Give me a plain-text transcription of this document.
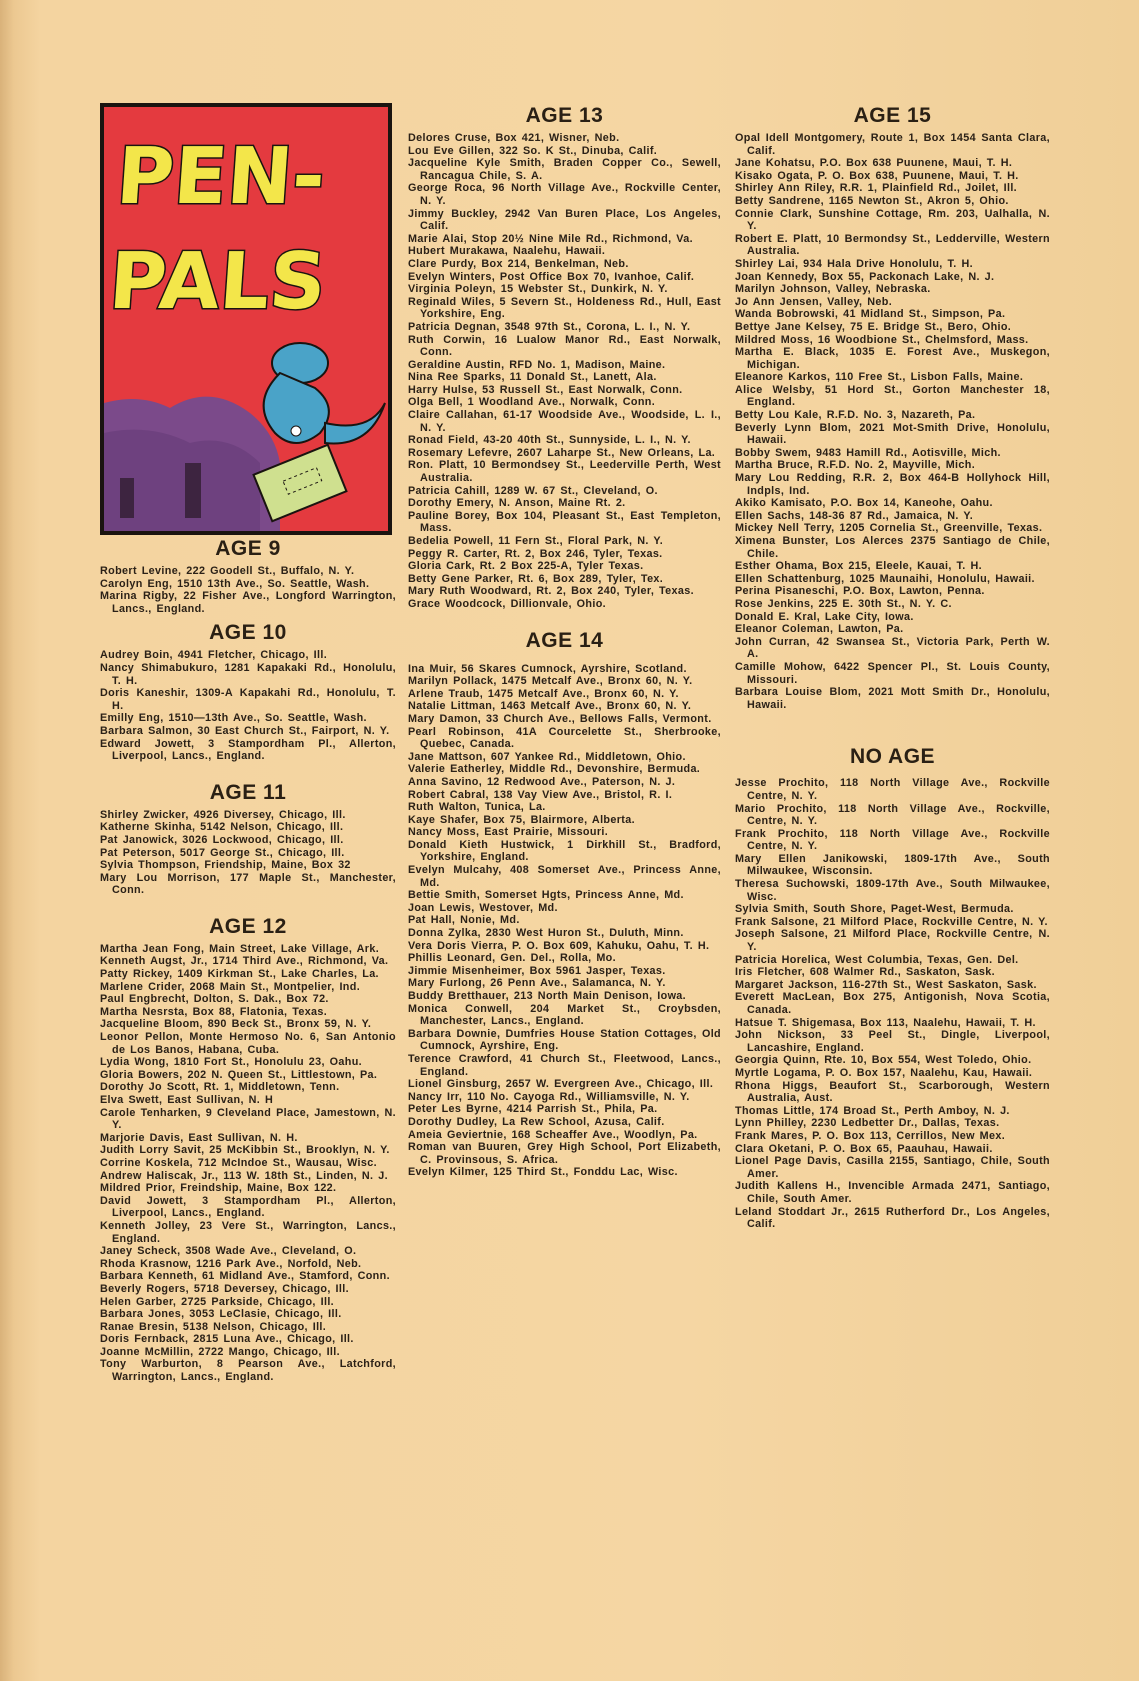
PEN-
PALS
AGE 9

Robert Levine, 222 Goodell St., Buffalo, N. Y.

Carolyn Eng, 1510 13th Ave., So. Seattle, Wash.

Marina Rigby, 22 Fisher Ave., Longford Warrington, Lancs., England.

AGE 10

Audrey Boin, 4941 Fletcher, Chicago, Ill.

Nancy Shimabukuro, 1281 Kapakaki Rd., Honolulu, T. H.

Doris Kaneshir, 1309-A Kapakahi Rd., Honolulu, T. H.

Emilly Eng, 1510—13th Ave., So. Seattle, Wash.

Barbara Salmon, 30 East Church St., Fairport, N. Y.

Edward Jowett, 3 Stampordham Pl., Allerton, Liverpool, Lancs., England.

AGE 11

Shirley Zwicker, 4926 Diversey, Chicago, Ill.

Katherne Skinha, 5142 Nelson, Chicago, Ill.

Pat Janowick, 3026 Lockwood, Chicago, Ill.

Pat Peterson, 5017 George St., Chicago, Ill.

Sylvia Thompson, Friendship, Maine, Box 32

Mary Lou Morrison, 177 Maple St., Manchester, Conn.

AGE 12

Martha Jean Fong, Main Street, Lake Village, Ark.

Kenneth Augst, Jr., 1714 Third Ave., Richmond, Va.

Patty Rickey, 1409 Kirkman St., Lake Charles, La.

Marlene Crider, 2068 Main St., Montpelier, Ind.

Paul Engbrecht, Dolton, S. Dak., Box 72.

Martha Nesrsta, Box 88, Flatonia, Texas.

Jacqueline Bloom, 890 Beck St., Bronx 59, N. Y.

Leonor Pellon, Monte Hermoso No. 6, San Antonio de Los Banos, Habana, Cuba.

Lydia Wong, 1810 Fort St., Honolulu 23, Oahu.

Gloria Bowers, 202 N. Queen St., Littlestown, Pa.

Dorothy Jo Scott, Rt. 1, Middletown, Tenn.

Elva Swett, East Sullivan, N. H

Carole Tenharken, 9 Cleveland Place, Jamestown, N. Y.

Marjorie Davis, East Sullivan, N. H.

Judith Lorry Savit, 25 McKibbin St., Brooklyn, N. Y.

Corrine Koskela, 712 McIndoe St., Wausau, Wisc.

Andrew Haliscak, Jr., 113 W. 18th St., Linden, N. J.

Mildred Prior, Freindship, Maine, Box 122.

David Jowett, 3 Stampordham Pl., Allerton, Liverpool, Lancs., England.

Kenneth Jolley, 23 Vere St., Warrington, Lancs., England.

Janey Scheck, 3508 Wade Ave., Cleveland, O.

Rhoda Krasnow, 1216 Park Ave., Norfold, Neb.

Barbara Kenneth, 61 Midland Ave., Stamford, Conn.

Beverly Rogers, 5718 Deversey, Chicago, Ill.

Helen Garber, 2725 Parkside, Chicago, Ill.

Barbara Jones, 3053 LeClasie, Chicago, Ill.

Ranae Bresin, 5138 Nelson, Chicago, Ill.

Doris Fernback, 2815 Luna Ave., Chicago, Ill.

Joanne McMillin, 2722 Mango, Chicago, Ill.

Tony Warburton, 8 Pearson Ave., Latchford, Warrington, Lancs., England.

AGE 13

Delores Cruse, Box 421, Wisner, Neb.

Lou Eve Gillen, 322 So. K St., Dinuba, Calif.

Jacqueline Kyle Smith, Braden Copper Co., Sewell, Rancagua Chile, S. A.

George Roca, 96 North Village Ave., Rockville Center, N. Y.

Jimmy Buckley, 2942 Van Buren Place, Los Angeles, Calif.

Marie Alai, Stop 20½ Nine Mile Rd., Richmond, Va.

Hubert Murakawa, Naalehu, Hawaii.

Clare Purdy, Box 214, Benkelman, Neb.

Evelyn Winters, Post Office Box 70, Ivanhoe, Calif.

Virginia Poleyn, 15 Webster St., Dunkirk, N. Y.

Reginald Wiles, 5 Severn St., Holdeness Rd., Hull, East Yorkshire, Eng.

Patricia Degnan, 3548 97th St., Corona, L. I., N. Y.

Ruth Corwin, 16 Lualow Manor Rd., East Norwalk, Conn.

Geraldine Austin, RFD No. 1, Madison, Maine.

Nina Ree Sparks, 11 Donald St., Lanett, Ala.

Harry Hulse, 53 Russell St., East Norwalk, Conn.

Olga Bell, 1 Woodland Ave., Norwalk, Conn.

Claire Callahan, 61-17 Woodside Ave., Woodside, L. I., N. Y.

Ronad Field, 43-20 40th St., Sunnyside, L. I., N. Y.

Rosemary Lefevre, 2607 Laharpe St., New Orleans, La.

Ron. Platt, 10 Bermondsey St., Leederville Perth, West Australia.

Patricia Cahill, 1289 W. 67 St., Cleveland, O.

Dorothy Emery, N. Anson, Maine Rt. 2.

Pauline Borey, Box 104, Pleasant St., East Templeton, Mass.

Bedelia Powell, 11 Fern St., Floral Park, N. Y.

Peggy R. Carter, Rt. 2, Box 246, Tyler, Texas.

Gloria Cark, Rt. 2 Box 225-A, Tyler Texas.

Betty Gene Parker, Rt. 6, Box 289, Tyler, Tex.

Mary Ruth Woodward, Rt. 2, Box 240, Tyler, Texas.

Grace Woodcock, Dillionvale, Ohio.

AGE 14

Ina Muir, 56 Skares Cumnock, Ayrshire, Scotland.

Marilyn Pollack, 1475 Metcalf Ave., Bronx 60, N. Y.

Arlene Traub, 1475 Metcalf Ave., Bronx 60, N. Y.

Natalie Littman, 1463 Metcalf Ave., Bronx 60, N. Y.

Mary Damon, 33 Church Ave., Bellows Falls, Vermont.

Pearl Robinson, 41A Courcelette St., Sherbrooke, Quebec, Canada.

Jane Mattson, 607 Yankee Rd., Middletown, Ohio.

Valerie Eatherley, Middle Rd., Devonshire, Bermuda.

Anna Savino, 12 Redwood Ave., Paterson, N. J.

Robert Cabral, 138 Vay View Ave., Bristol, R. I.

Ruth Walton, Tunica, La.

Kaye Shafer, Box 75, Blairmore, Alberta.

Nancy Moss, East Prairie, Missouri.

Donald Kieth Hustwick, 1 Dirkhill St., Bradford, Yorkshire, England.

Evelyn Mulcahy, 408 Somerset Ave., Princess Anne, Md.

Bettie Smith, Somerset Hgts, Princess Anne, Md.

Joan Lewis, Westover, Md.

Pat Hall, Nonie, Md.

Donna Zylka, 2830 West Huron St., Duluth, Minn.

Vera Doris Vierra, P. O. Box 609, Kahuku, Oahu, T. H.

Phillis Leonard, Gen. Del., Rolla, Mo.

Jimmie Misenheimer, Box 5961 Jasper, Texas.

Mary Furlong, 26 Penn Ave., Salamanca, N. Y.

Buddy Bretthauer, 213 North Main Denison, Iowa.

Monica Conwell, 204 Market St., Croybsden, Manchester, Lancs., England.

Barbara Downie, Dumfries House Station Cottages, Old Cumnock, Ayrshire, Eng.

Terence Crawford, 41 Church St., Fleetwood, Lancs., England.

Lionel Ginsburg, 2657 W. Evergreen Ave., Chicago, Ill.

Nancy Irr, 110 No. Cayoga Rd., Williamsville, N. Y.

Peter Les Byrne, 4214 Parrish St., Phila, Pa.

Dorothy Dudley, La Rew School, Azusa, Calif.

Ameia Geviertnie, 168 Scheaffer Ave., Woodlyn, Pa.

Roman van Buuren, Grey High School, Port Elizabeth, C. Provinsous, S. Africa.

Evelyn Kilmer, 125 Third St., Fonddu Lac, Wisc.

AGE 15

Opal Idell Montgomery, Route 1, Box 1454 Santa Clara, Calif.

Jane Kohatsu, P.O. Box 638 Puunene, Maui, T. H.

Kisako Ogata, P. O. Box 638, Puunene, Maui, T. H.

Shirley Ann Riley, R.R. 1, Plainfield Rd., Joilet, Ill.

Betty Sandrene, 1165 Newton St., Akron 5, Ohio.

Connie Clark, Sunshine Cottage, Rm. 203, Ualhalla, N. Y.

Robert E. Platt, 10 Bermondsy St., Ledderville, Western Australia.

Shirley Lai, 934 Hala Drive Honolulu, T. H.

Joan Kennedy, Box 55, Packonach Lake, N. J.

Marilyn Johnson, Valley, Nebraska.

Jo Ann Jensen, Valley, Neb.

Wanda Bobrowski, 41 Midland St., Simpson, Pa.

Bettye Jane Kelsey, 75 E. Bridge St., Bero, Ohio.

Mildred Moss, 16 Woodbione St., Chelmsford, Mass.

Martha E. Black, 1035 E. Forest Ave., Muskegon, Michigan.

Eleanore Karkos, 110 Free St., Lisbon Falls, Maine.

Alice Welsby, 51 Hord St., Gorton Manchester 18, England.

Betty Lou Kale, R.F.D. No. 3, Nazareth, Pa.

Beverly Lynn Blom, 2021 Mot-Smith Drive, Honolulu, Hawaii.

Bobby Swem, 9483 Hamill Rd., Aotisville, Mich.

Martha Bruce, R.F.D. No. 2, Mayville, Mich.

Mary Lou Redding, R.R. 2, Box 464-B Hollyhock Hill, Indpls, Ind.

Akiko Kamisato, P.O. Box 14, Kaneohe, Oahu.

Ellen Sachs, 148-36 87 Rd., Jamaica, N. Y.

Mickey Nell Terry, 1205 Cornelia St., Greenville, Texas.

Ximena Bunster, Los Alerces 2375 Santiago de Chile, Chile.

Esther Ohama, Box 215, Eleele, Kauai, T. H.

Ellen Schattenburg, 1025 Maunaihi, Honolulu, Hawaii.

Perina Pisaneschi, P.O. Box, Lawton, Penna.

Rose Jenkins, 225 E. 30th St., N. Y. C.

Donald E. Kral, Lake City, Iowa.

Eleanor Coleman, Lawton, Pa.

John Curran, 42 Swansea St., Victoria Park, Perth W. A.

Camille Mohow, 6422 Spencer Pl., St. Louis County, Missouri.

Barbara Louise Blom, 2021 Mott Smith Dr., Honolulu, Hawaii.

NO AGE

Jesse Prochito, 118 North Village Ave., Rockville Centre, N. Y.

Mario Prochito, 118 North Village Ave., Rockville, Centre, N. Y.

Frank Prochito, 118 North Village Ave., Rockville Centre, N. Y.

Mary Ellen Janikowski, 1809-17th Ave., South Milwaukee, Wisconsin.

Theresa Suchowski, 1809-17th Ave., South Milwaukee, Wisc.

Sylvia Smith, South Shore, Paget-West, Bermuda.

Frank Salsone, 21 Milford Place, Rockville Centre, N. Y.

Joseph Salsone, 21 Milford Place, Rockville Centre, N. Y.

Patricia Horelica, West Columbia, Texas, Gen. Del.

Iris Fletcher, 608 Walmer Rd., Saskaton, Sask.

Margaret Jackson, 116-27th St., West Saskaton, Sask.

Everett MacLean, Box 275, Antigonish, Nova Scotia, Canada.

Hatsue T. Shigemasa, Box 113, Naalehu, Hawaii, T. H.

John Nickson, 33 Peel St., Dingle, Liverpool, Lancashire, England.

Georgia Quinn, Rte. 10, Box 554, West Toledo, Ohio.

Myrtle Logama, P. O. Box 157, Naalehu, Kau, Hawaii.

Rhona Higgs, Beaufort St., Scarborough, Western Australia, Aust.

Thomas Little, 174 Broad St., Perth Amboy, N. J.

Lynn Philley, 2230 Ledbetter Dr., Dallas, Texas.

Frank Mares, P. O. Box 113, Cerrillos, New Mex.

Clara Oketani, P. O. Box 65, Paauhau, Hawaii.

Lionel Page Davis, Casilla 2155, Santiago, Chile, South Amer.

Judith Kallens H., Invencible Armada 2471, Santiago, Chile, South Amer.

Leland Stoddart Jr., 2615 Rutherford Dr., Los Angeles, Calif.
